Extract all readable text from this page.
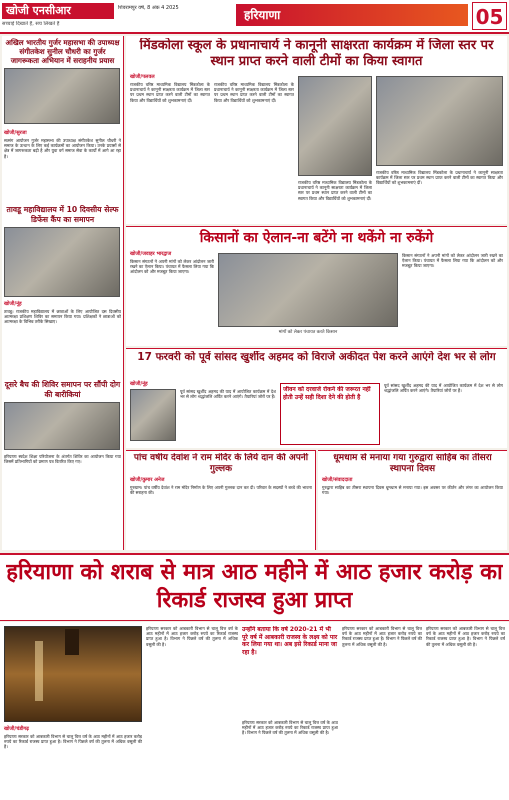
खोजी एनसीआर	शिवरामपुर वर्ष, 8 अंक 4 2025
सच्चाई दिखाते हैं, सच लिखते हैं
हरियाणा	05
अखिल भारतीय गुर्जर महासभा की उपाध्यक्ष संगीतकेश सुनील चौधरी का गुर्जर जागरूकता अभियान में सराहनीय प्रयास
खोजी/सुरजा
सत्संग आयोजन गुर्जर महासभा की उपाध्यक्ष संगीतकेश सुनील चौधरी ने समाज के उत्थान के लिए कई कार्यक्रमों का आयोजन किया। उनके प्रयासों से क्षेत्र में जागरूकता बढ़ी है और युवा वर्ग समाज सेवा के कार्यों में आगे आ रहा है।
तावडू महाविद्यालय में 10 दिवसीय सेल्फ डिफेंस कैंप का समापन
खोजी/नूंह
तावडू। राजकीय महाविद्यालय में छात्राओं के लिए आयोजित दस दिवसीय आत्मरक्षा प्रशिक्षण शिविर का समापन किया गया। प्रशिक्षकों ने छात्राओं को आत्मरक्षा के विभिन्न तरीके सिखाए।
दूसरे बैच की शिविर समापन पर सौंपी दोग की बारीकियां
हरियाणा स्वदेश शिक्षा परियोजना के अंतर्गत शिविर का आयोजन किया गया जिसमें प्रतिभागियों को प्रमाण पत्र वितरित किए गए।
मिंडकोला स्कूल के प्रधानाचार्य ने कानूनी साक्षरता कार्यक्रम में जिला स्तर पर स्थान प्राप्त करने वाली टीमों का किया स्वागत
खोजी/पलवल
राजकीय वरिष्ठ माध्यमिक विद्यालय मिंडकोला के प्रधानाचार्य ने कानूनी साक्षरता कार्यक्रम में जिला स्तर पर प्रथम स्थान प्राप्त करने वाली टीमों का स्वागत किया और विद्यार्थियों को शुभकामनाएं दीं।
राजकीय वरिष्ठ माध्यमिक विद्यालय मिंडकोला के प्रधानाचार्य ने कानूनी साक्षरता कार्यक्रम में जिला स्तर पर प्रथम स्थान प्राप्त करने वाली टीमों का स्वागत किया और विद्यार्थियों को शुभकामनाएं दीं।
राजकीय वरिष्ठ माध्यमिक विद्यालय मिंडकोला के प्रधानाचार्य ने कानूनी साक्षरता कार्यक्रम में जिला स्तर पर प्रथम स्थान प्राप्त करने वाली टीमों का स्वागत किया और विद्यार्थियों को शुभकामनाएं दीं।
राजकीय वरिष्ठ माध्यमिक विद्यालय मिंडकोला के प्रधानाचार्य ने कानूनी साक्षरता कार्यक्रम में जिला स्तर पर प्रथम स्थान प्राप्त करने वाली टीमों का स्वागत किया और विद्यार्थियों को शुभकामनाएं दीं।
किसानों का ऐलान-ना बटेंगे ना थकेंगे ना रुकेंगे
खोजी/जवाहर भारद्वाज
किसान संगठनों ने अपनी मांगों को लेकर आंदोलन जारी रखने का ऐलान किया। पंचायत में फैसला लिया गया कि आंदोलन को और मजबूत किया जाएगा।
मांगों को लेकर पंचायत करते किसान
किसान संगठनों ने अपनी मांगों को लेकर आंदोलन जारी रखने का ऐलान किया। पंचायत में फैसला लिया गया कि आंदोलन को और मजबूत किया जाएगा।
17 फरवरी को पूर्व सांसद खुर्शीद अहमद को विराजे अकीदत पेश करने आएंगे देश भर से लोग
खोजी/नूंह
पूर्व सांसद खुर्शीद अहमद की याद में आयोजित कार्यक्रम में देश भर से लोग श्रद्धांजलि अर्पित करने आएंगे। तैयारियां जोरों पर हैं।
जीवन को दरवाजे रोकने की जरूरत नहीं होती उन्हें सही दिशा देने की होती है
पूर्व सांसद खुर्शीद अहमद की याद में आयोजित कार्यक्रम में देश भर से लोग श्रद्धांजलि अर्पित करने आएंगे। तैयारियां जोरों पर हैं।
पांच वर्षीय देवांश ने राम मंदिर के लिये दान की अपनी गुल्लक
खोजी/कुमार अनेज
गुरुग्राम। पांच वर्षीय देवांश ने राम मंदिर निर्माण के लिए अपनी गुल्लक दान कर दी। परिवार के सदस्यों ने बच्चे की भावना की सराहना की।
धूमधाम से मनाया गया गुरुद्वारा साहिब का तीसरा स्थापना दिवस
खोजी/संवाददाता
गुरुद्वारा साहिब का तीसरा स्थापना दिवस धूमधाम से मनाया गया। इस अवसर पर कीर्तन और लंगर का आयोजन किया गया।
हरियाणा को शराब से मात्र आठ महीने में आठ हजार करोड़ का रिकार्ड राजस्व हुआ प्राप्त
खोजी/चंडीगढ़
हरियाणा सरकार को आबकारी विभाग से चालू वित्त वर्ष के आठ महीनों में आठ हजार करोड़ रुपये का रिकार्ड राजस्व प्राप्त हुआ है। विभाग ने पिछले वर्ष की तुलना में अधिक वसूली की है।
हरियाणा सरकार को आबकारी विभाग से चालू वित्त वर्ष के आठ महीनों में आठ हजार करोड़ रुपये का रिकार्ड राजस्व प्राप्त हुआ है। विभाग ने पिछले वर्ष की तुलना में अधिक वसूली की है।
उन्होंने बताया कि वर्ष 2020-21 में भी पूरे वर्ष में आबकारी राजस्व के लक्ष्य को पार कर लिया गया था। अब इसे रिकार्ड माना जा रहा है।
हरियाणा सरकार को आबकारी विभाग से चालू वित्त वर्ष के आठ महीनों में आठ हजार करोड़ रुपये का रिकार्ड राजस्व प्राप्त हुआ है। विभाग ने पिछले वर्ष की तुलना में अधिक वसूली की है।
हरियाणा सरकार को आबकारी विभाग से चालू वित्त वर्ष के आठ महीनों में आठ हजार करोड़ रुपये का रिकार्ड राजस्व प्राप्त हुआ है। विभाग ने पिछले वर्ष की तुलना में अधिक वसूली की है।
हरियाणा सरकार को आबकारी विभाग से चालू वित्त वर्ष के आठ महीनों में आठ हजार करोड़ रुपये का रिकार्ड राजस्व प्राप्त हुआ है। विभाग ने पिछले वर्ष की तुलना में अधिक वसूली की है।
